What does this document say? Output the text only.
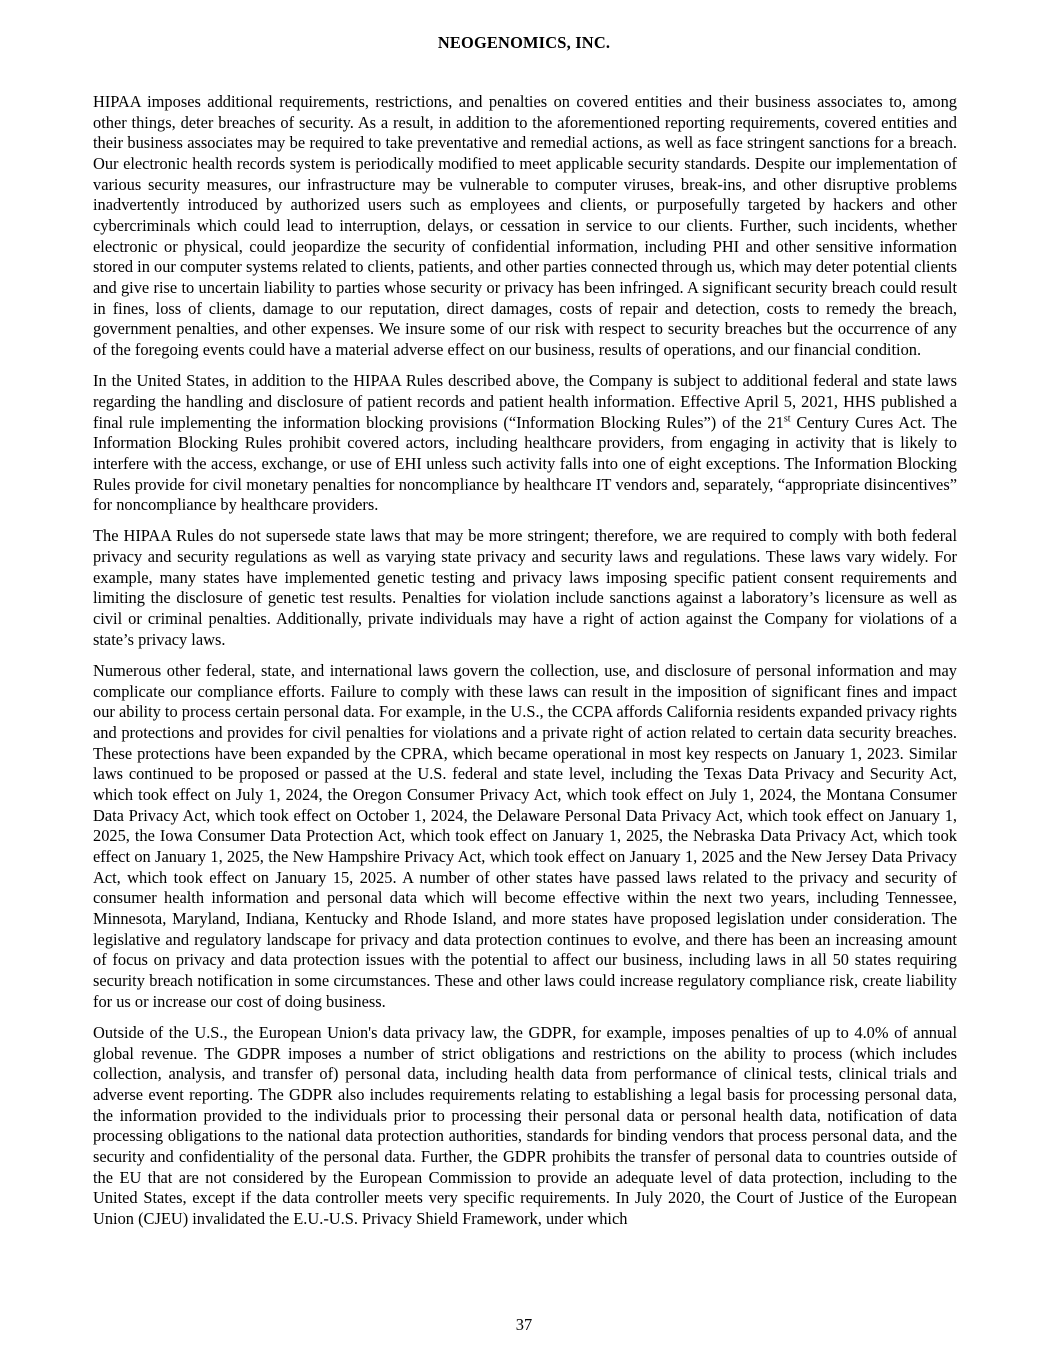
NEOGENOMICS, INC.

HIPAA imposes additional requirements, restrictions, and penalties on covered entities and their business associates to, among other things, deter breaches of security. As a result, in addition to the aforementioned reporting requirements, covered entities and their business associates may be required to take preventative and remedial actions, as well as face stringent sanctions for a breach. Our electronic health records system is periodically modified to meet applicable security standards. Despite our implementation of various security measures, our infrastructure may be vulnerable to computer viruses, break-ins, and other disruptive problems inadvertently introduced by authorized users such as employees and clients, or purposefully targeted by hackers and other cybercriminals which could lead to interruption, delays, or cessation in service to our clients. Further, such incidents, whether electronic or physical, could jeopardize the security of confidential information, including PHI and other sensitive information stored in our computer systems related to clients, patients, and other parties connected through us, which may deter potential clients and give rise to uncertain liability to parties whose security or privacy has been infringed. A significant security breach could result in fines, loss of clients, damage to our reputation, direct damages, costs of repair and detection, costs to remedy the breach, government penalties, and other expenses. We insure some of our risk with respect to security breaches but the occurrence of any of the foregoing events could have a material adverse effect on our business, results of operations, and our financial condition.

In the United States, in addition to the HIPAA Rules described above, the Company is subject to additional federal and state laws regarding the handling and disclosure of patient records and patient health information. Effective April 5, 2021, HHS published a final rule implementing the information blocking provisions (“Information Blocking Rules”) of the 21st Century Cures Act. The Information Blocking Rules prohibit covered actors, including healthcare providers, from engaging in activity that is likely to interfere with the access, exchange, or use of EHI unless such activity falls into one of eight exceptions. The Information Blocking Rules provide for civil monetary penalties for noncompliance by healthcare IT vendors and, separately, “appropriate disincentives” for noncompliance by healthcare providers.

The HIPAA Rules do not supersede state laws that may be more stringent; therefore, we are required to comply with both federal privacy and security regulations as well as varying state privacy and security laws and regulations. These laws vary widely. For example, many states have implemented genetic testing and privacy laws imposing specific patient consent requirements and limiting the disclosure of genetic test results. Penalties for violation include sanctions against a laboratory’s licensure as well as civil or criminal penalties. Additionally, private individuals may have a right of action against the Company for violations of a state’s privacy laws.

Numerous other federal, state, and international laws govern the collection, use, and disclosure of personal information and may complicate our compliance efforts. Failure to comply with these laws can result in the imposition of significant fines and impact our ability to process certain personal data. For example, in the U.S., the CCPA affords California residents expanded privacy rights and protections and provides for civil penalties for violations and a private right of action related to certain data security breaches. These protections have been expanded by the CPRA, which became operational in most key respects on January 1, 2023. Similar laws continued to be proposed or passed at the U.S. federal and state level, including the Texas Data Privacy and Security Act, which took effect on July 1, 2024, the Oregon Consumer Privacy Act, which took effect on July 1, 2024, the Montana Consumer Data Privacy Act, which took effect on October 1, 2024, the Delaware Personal Data Privacy Act, which took effect on January 1, 2025, the Iowa Consumer Data Protection Act, which took effect on January 1, 2025, the Nebraska Data Privacy Act, which took effect on January 1, 2025, the New Hampshire Privacy Act, which took effect on January 1, 2025 and the New Jersey Data Privacy Act, which took effect on January 15, 2025. A number of other states have passed laws related to the privacy and security of consumer health information and personal data which will become effective within the next two years, including Tennessee, Minnesota, Maryland, Indiana, Kentucky and Rhode Island, and more states have proposed legislation under consideration. The legislative and regulatory landscape for privacy and data protection continues to evolve, and there has been an increasing amount of focus on privacy and data protection issues with the potential to affect our business, including laws in all 50 states requiring security breach notification in some circumstances. These and other laws could increase regulatory compliance risk, create liability for us or increase our cost of doing business.

Outside of the U.S., the European Union's data privacy law, the GDPR, for example, imposes penalties of up to 4.0% of annual global revenue. The GDPR imposes a number of strict obligations and restrictions on the ability to process (which includes collection, analysis, and transfer of) personal data, including health data from performance of clinical tests, clinical trials and adverse event reporting. The GDPR also includes requirements relating to establishing a legal basis for processing personal data, the information provided to the individuals prior to processing their personal data or personal health data, notification of data processing obligations to the national data protection authorities, standards for binding vendors that process personal data, and the security and confidentiality of the personal data. Further, the GDPR prohibits the transfer of personal data to countries outside of the EU that are not considered by the European Commission to provide an adequate level of data protection, including to the United States, except if the data controller meets very specific requirements. In July 2020, the Court of Justice of the European Union (CJEU) invalidated the E.U.-U.S. Privacy Shield Framework, under which

37
